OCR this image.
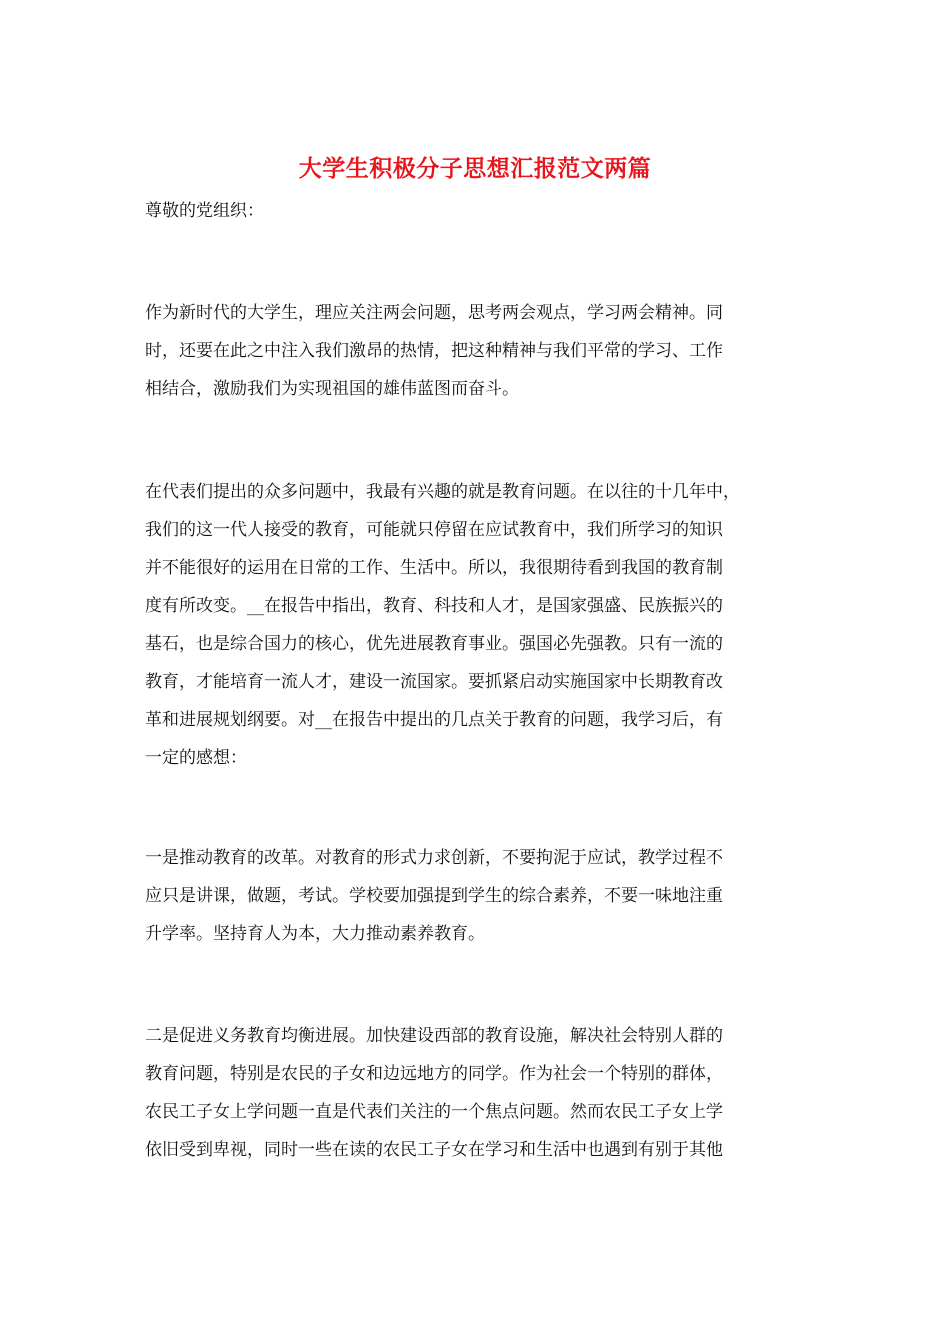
大学生积极分子思想汇报范文两篇

尊敬的党组织：

作为新时代的大学生，理应关注两会问题，思考两会观点，学习两会精神。同

时，还要在此之中注入我们激昂的热情，把这种精神与我们平常的学习、工作

相结合，激励我们为实现祖国的雄伟蓝图而奋斗。

在代表们提出的众多问题中，我最有兴趣的就是教育问题。在以往的十几年中，

我们的这一代人接受的教育，可能就只停留在应试教育中，我们所学习的知识

并不能很好的运用在日常的工作、生活中。所以，我很期待看到我国的教育制

度有所改变。__在报告中指出，教育、科技和人才，是国家强盛、民族振兴的

基石，也是综合国力的核心，优先进展教育事业。强国必先强教。只有一流的

教育，才能培育一流人才，建设一流国家。要抓紧启动实施国家中长期教育改

革和进展规划纲要。对__在报告中提出的几点关于教育的问题，我学习后，有

一定的感想：

一是推动教育的改革。对教育的形式力求创新，不要拘泥于应试，教学过程不

应只是讲课，做题，考试。学校要加强提到学生的综合素养，不要一味地注重

升学率。坚持育人为本，大力推动素养教育。

二是促进义务教育均衡进展。加快建设西部的教育设施，解决社会特别人群的

教育问题，特别是农民的子女和边远地方的同学。作为社会一个特别的群体，

农民工子女上学问题一直是代表们关注的一个焦点问题。然而农民工子女上学

依旧受到卑视，同时一些在读的农民工子女在学习和生活中也遇到有别于其他
